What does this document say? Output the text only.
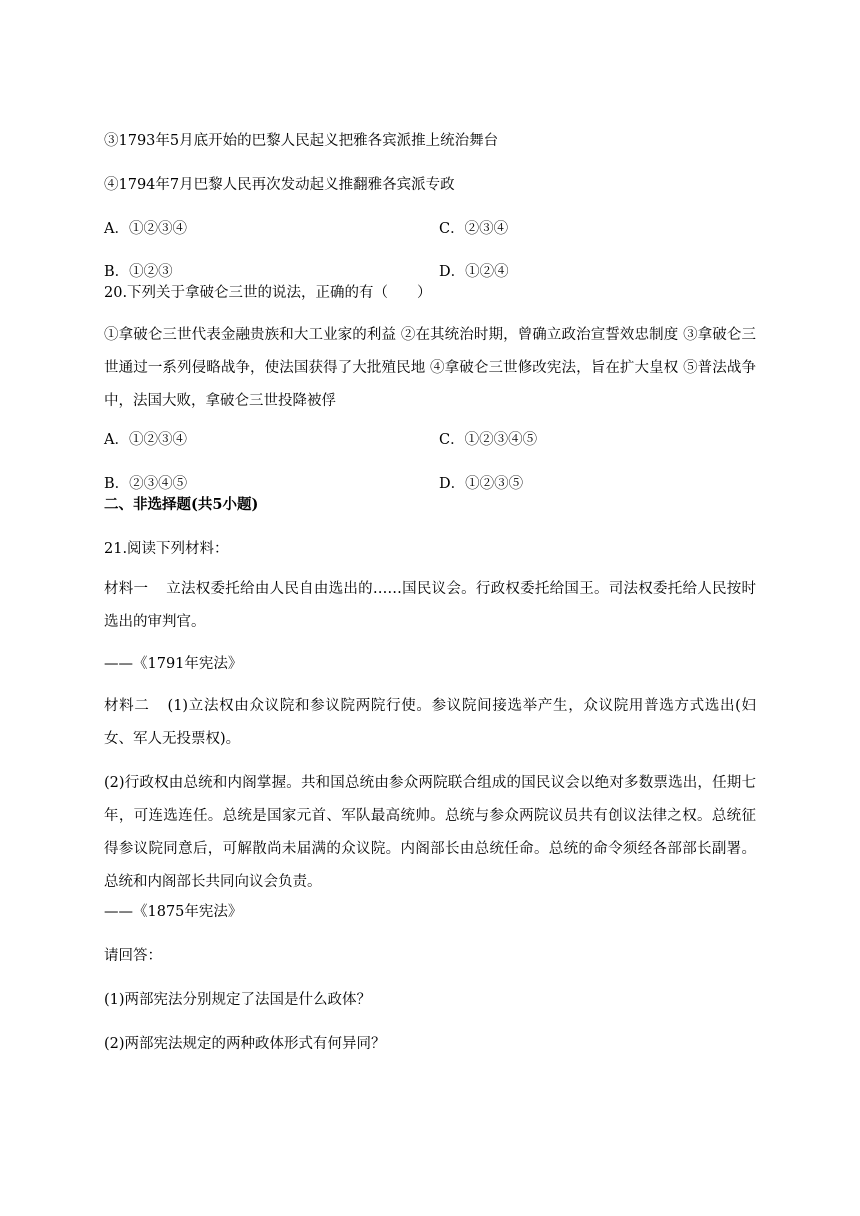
③1793年5月底开始的巴黎人民起义把雅各宾派推上统治舞台
④1794年7月巴黎人民再次发动起义推翻雅各宾派专政
A．①②③④	C．②③④
B．①②③	D．①②④
20.下列关于拿破仑三世的说法，正确的有（　　）
①拿破仑三世代表金融贵族和大工业家的利益 ②在其统治时期，曾确立政治宣誓效忠制度 ③拿破仑三世通过一系列侵略战争，使法国获得了大批殖民地 ④拿破仑三世修改宪法，旨在扩大皇权 ⑤普法战争中，法国大败，拿破仑三世投降被俘
A．①②③④	C．①②③④⑤
B．②③④⑤	D．①②③⑤
二、非选择题(共5小题)
21.阅读下列材料：
材料一 立法权委托给由人民自由选出的……国民议会。行政权委托给国王。司法权委托给人民按时选出的审判官。
——《1791年宪法》
材料二 (1)立法权由众议院和参议院两院行使。参议院间接选举产生，众议院用普选方式选出(妇女、军人无投票权)。
(2)行政权由总统和内阁掌握。共和国总统由参众两院联合组成的国民议会以绝对多数票选出，任期七年，可连选连任。总统是国家元首、军队最高统帅。总统与参众两院议员共有创议法律之权。总统征得参议院同意后，可解散尚未届满的众议院。内阁部长由总统任命。总统的命令须经各部部长副署。总统和内阁部长共同向议会负责。
——《1875年宪法》
请回答：
(1)两部宪法分别规定了法国是什么政体？
(2)两部宪法规定的两种政体形式有何异同？
